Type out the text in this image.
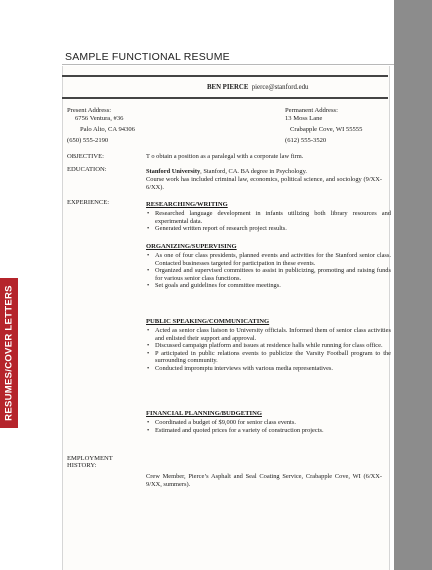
RESUMES/COVER LETTERS
SAMPLE FUNCTIONAL RESUME
BEN PIERCE pierce@stanford.edu
Present Address:
6756 Ventura, #36
Palo Alto, CA 94306
(650) 555-2190
Permanent Address:
13 Moss Lane
Crabapple Cove, WI 55555
(612) 555-3520
OBJECTIVE:	T o obtain a position as a paralegal with a corporate law firm.
EDUCATION:	Stanford University, Stanford, CA. BA degree in Psychology.
Course work has included criminal law, economics, political science, and sociology (9/XX-6/XX).
EXPERIENCE:	RESEARCHING/WRITING
• Researched language development in infants utilizing both library resources and experimental data.
• Generated written report of research project results.
ORGANIZING/SUPERVISING
• As one of four class presidents, planned events and activities for the Stanford senior class. Contacted businesses targeted for participation in these events.
• Organized and supervised committees to assist in publicizing, promoting and raising funds for various senior class functions.
• Set goals and guidelines for committee meetings.
PUBLIC SPEAKING/COMMUNICATING
• Acted as senior class liaison to University officials. Informed them of senior class activities and enlisted their support and approval.
• Discussed campaign platform and issues at residence halls while running for class office.
• P articipated in public relations events to publicize the Varsity Football program to the surrounding community.
• Conducted impromptu interviews with various media representatives.
FINANCIAL PLANNING/BUDGETING
• Coordinated a budget of $9,000 for senior class events.
• Estimated and quoted prices for a variety of construction projects.
EMPLOYMENT HISTORY:
Crew Member, Pierce’s Asphalt and Seal Coating Service, Crabapple Cove, WI (6/XX-9/XX, summers).
